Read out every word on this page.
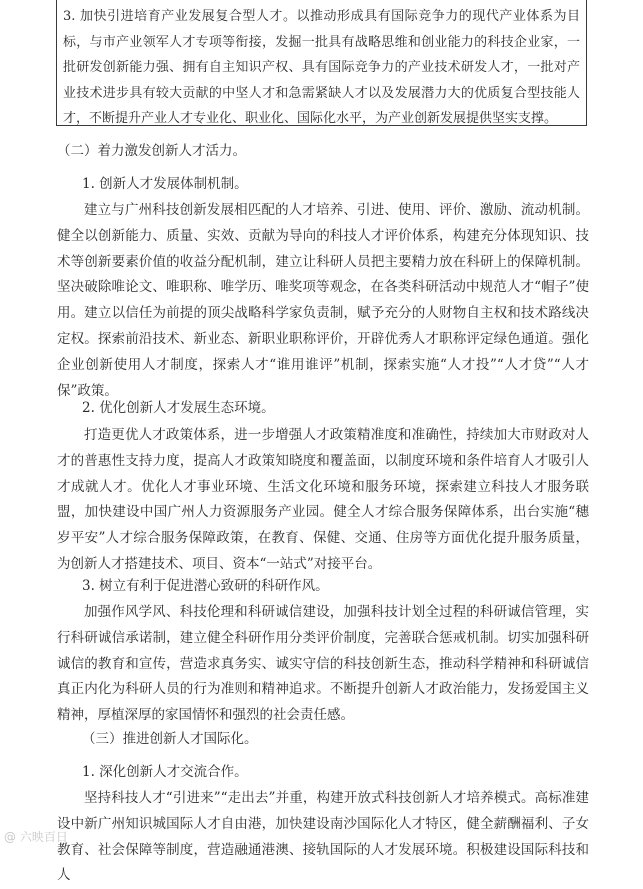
3. 加快引进培育产业发展复合型人才。以推动形成具有国际竞争力的现代产业体系为目标，与市产业领军人才专项等衔接，发掘一批具有战略思维和创业能力的科技企业家，一批研发创新能力强、拥有自主知识产权、具有国际竞争力的产业技术研发人才，一批对产业技术进步具有较大贡献的中坚人才和急需紧缺人才以及发展潜力大的优质复合型技能人才，不断提升产业人才专业化、职业化、国际化水平，为产业创新发展提供坚实支撑。
（二）着力激发创新人才活力。
1. 创新人才发展体制机制。
建立与广州科技创新发展相匹配的人才培养、引进、使用、评价、激励、流动机制。健全以创新能力、质量、实效、贡献为导向的科技人才评价体系，构建充分体现知识、技术等创新要素价值的收益分配机制，建立让科研人员把主要精力放在科研上的保障机制。坚决破除唯论文、唯职称、唯学历、唯奖项等观念，在各类科研活动中规范人才“帽子”使用。建立以信任为前提的顶尖战略科学家负责制，赋予充分的人财物自主权和技术路线决定权。探索前沿技术、新业态、新职业职称评价，开辟优秀人才职称评定绿色通道。强化企业创新使用人才制度，探索人才“谁用谁评”机制，探索实施“人才投”“人才贷”“人才保”政策。
2. 优化创新人才发展生态环境。
打造更优人才政策体系，进一步增强人才政策精准度和准确性，持续加大市财政对人才的普惠性支持力度，提高人才政策知晓度和覆盖面，以制度环境和条件培育人才吸引人才成就人才。优化人才事业环境、生活文化环境和服务环境，探索建立科技人才服务联盟，加快建设中国广州人力资源服务产业园。健全人才综合服务保障体系，出台实施“穗岁平安”人才综合服务保障政策，在教育、保健、交通、住房等方面优化提升服务质量，为创新人才搭建技术、项目、资本“一站式”对接平台。
3. 树立有利于促进潜心致研的科研作风。
加强作风学风、科技伦理和科研诚信建设，加强科技计划全过程的科研诚信管理，实行科研诚信承诺制，建立健全科研作用分类评价制度，完善联合惩戒机制。切实加强科研诚信的教育和宣传，营造求真务实、诚实守信的科技创新生态，推动科学精神和科研诚信真正内化为科研人员的行为准则和精神追求。不断提升创新人才政治能力，发扬爱国主义精神，厚植深厚的家国情怀和强烈的社会责任感。
（三）推进创新人才国际化。
1. 深化创新人才交流合作。
坚持科技人才“引进来”“走出去”并重，构建开放式科技创新人才培养模式。高标准建设中新广州知识城国际人才自由港，加快建设南沙国际化人才特区，健全薪酬福利、子女教育、社会保障等制度，营造融通港澳、接轨国际的人才发展环境。积极建设国际科技和人
@ 六映百日
